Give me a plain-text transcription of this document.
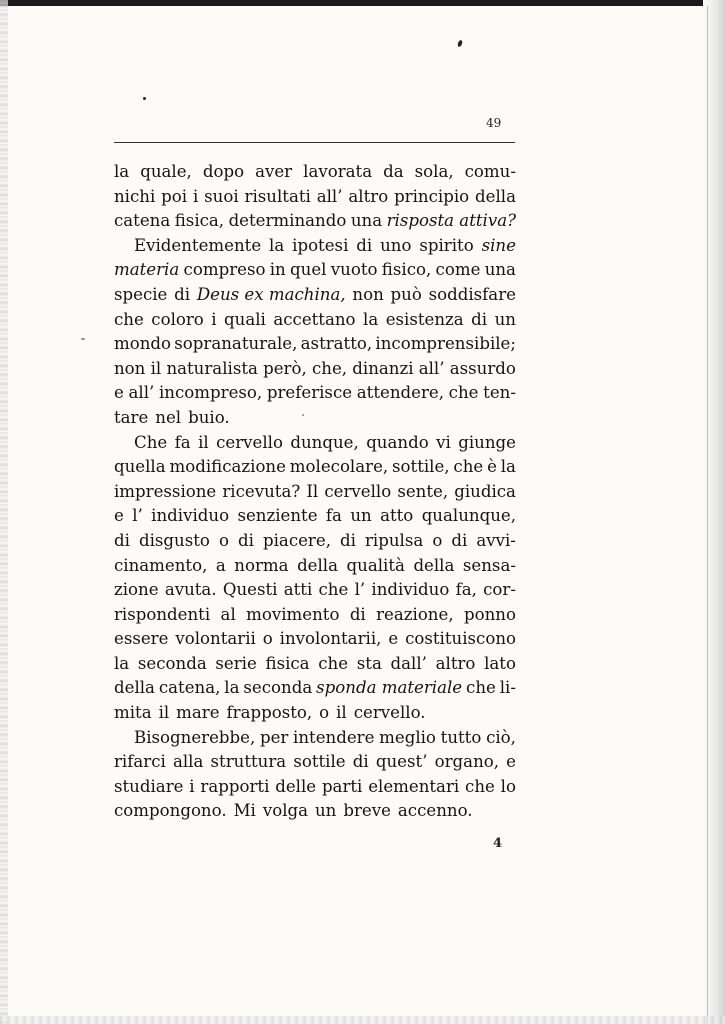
49
la quale, dopo aver lavorata da sola, comu-
nichi poi i suoi risultati all’ altro principio della
catena fisica, determinando una risposta attiva?
Evidentemente la ipotesi di uno spirito sine
materia compreso in quel vuoto fisico, come una
specie di Deus ex machina, non può soddisfare
che coloro i quali accettano la esistenza di un
mondo sopranaturale, astratto, incomprensibile;
non il naturalista però, che, dinanzi all’ assurdo
e all’ incompreso, preferisce attendere, che ten-
tare nel buio.
Che fa il cervello dunque, quando vi giunge
quella modificazione molecolare, sottile, che è la
impressione ricevuta? Il cervello sente, giudica
e l’ individuo senziente fa un atto qualunque,
di disgusto o di piacere, di ripulsa o di avvi-
cinamento, a norma della qualità della sensa-
zione avuta. Questi atti che l’ individuo fa, cor-
rispondenti al movimento di reazione, ponno
essere volontarii o involontarii, e costituiscono
la seconda serie fisica che sta dall’ altro lato
della catena, la seconda sponda materiale che li-
mita il mare frapposto, o il cervello.
Bisognerebbe, per intendere meglio tutto ciò,
rifarci alla struttura sottile di quest’ organo, e
studiare i rapporti delle parti elementari che lo
compongono. Mi volga un breve accenno.
4
